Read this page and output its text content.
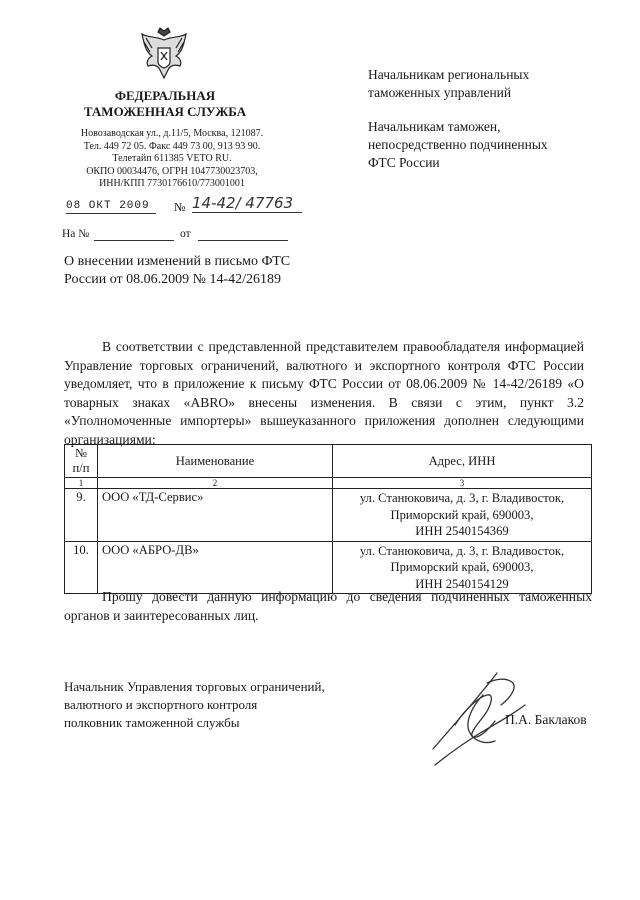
ФЕДЕРАЛЬНАЯ
ТАМОЖЕННАЯ СЛУЖБА
Новозаводская ул., д.11/5, Москва, 121087.
Тел. 449 72 05. Факс 449 73 00, 913 93 90.
Телетайп 611385 VETO RU.
ОКПО 00034476, ОГРН 1047730023703,
ИНН/КПП 7730176610/773001001
08 ОКТ 2009	№ 14-42/ 47763
На №	от
Начальникам региональных
таможенных управлений
Начальникам таможен,
непосредственно подчиненных
ФТС России
О внесении изменений в письмо ФТС
России от 08.06.2009 № 14-42/26189
В соответствии с представленной представителем правообладателя информацией Управление торговых ограничений, валютного и экспортного контроля ФТС России уведомляет, что в приложение к письму ФТС России от 08.06.2009 № 14-42/26189 «О товарных знаках «ABRO» внесены изменения. В связи с этим, пункт 3.2 «Уполномоченные импортеры» вышеуказанного приложения дополнен следующими организациями:
№ п/п	Наименование	Адрес, ИНН
1	2	3
9.	ООО «ТД-Сервис»	ул. Станюковича, д. 3, г. Владивосток,
Приморский край, 690003,
ИНН 2540154369

10.	ООО «АБРО-ДВ»	ул. Станюковича, д. 3, г. Владивосток,
Приморский край, 690003,
ИНН 2540154129
Прошу довести данную информацию до сведения подчиненных таможенных органов и заинтересованных лиц.
Начальник Управления торговых ограничений,
валютного и экспортного контроля
полковник таможенной службы	П.А. Баклаков
